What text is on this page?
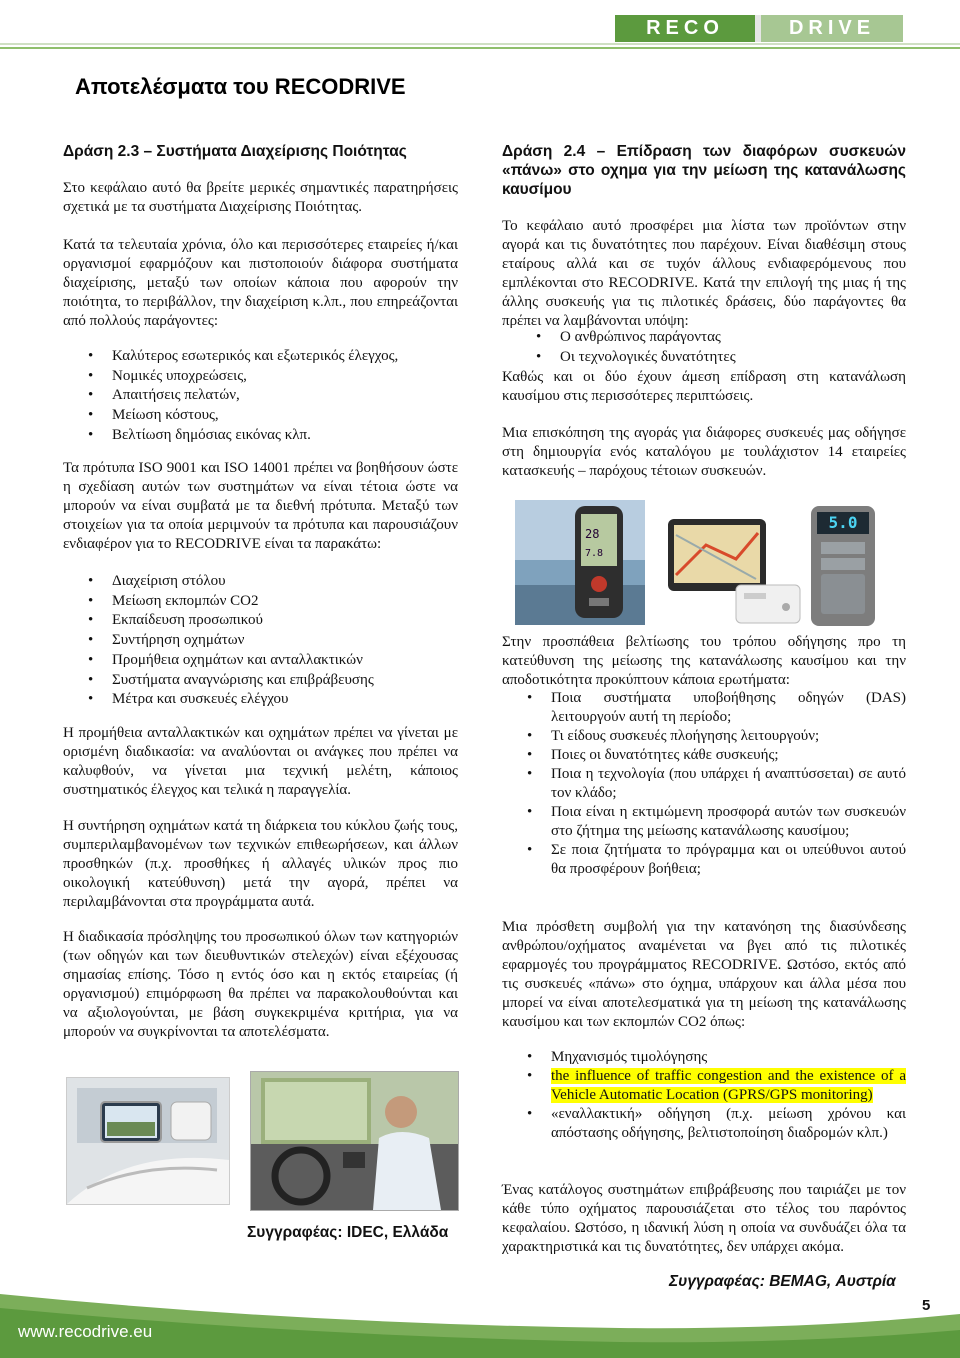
RECO	DRIVE
Αποτελέσματα του RECODRIVE
Δράση 2.3 – Συστήματα Διαχείρισης Ποιότητας
Στο κεφάλαιο αυτό θα βρείτε μερικές σημαντικές παρατηρήσεις σχετικά με τα συστήματα Διαχείρισης Ποιότητας.
Κατά τα τελευταία χρόνια, όλο και περισσότερες εταιρείες ή/και οργανισμοί εφαρμόζουν και πιστοποιούν διάφορα συστήματα διαχείρισης, μεταξύ των οποίων κάποια που αφορούν την ποιότητα, το περιβάλλον, την διαχείριση κ.λπ., που επηρεάζονται από πολλούς παράγοντες:
• Καλύτερος εσωτερικός και εξωτερικός έλεγχος,
• Νομικές υποχρεώσεις,
• Απαιτήσεις πελατών,
• Μείωση κόστους,
• Βελτίωση δημόσιας εικόνας κλπ.
Τα πρότυπα ISO 9001 και ISO 14001 πρέπει να βοηθήσουν ώστε η σχεδίαση αυτών των συστημάτων να είναι τέτοια ώστε να μπορούν να είναι συμβατά με τα διεθνή πρότυπα. Μεταξύ των στοιχείων για τα οποία μεριμνούν τα πρότυπα και παρουσιάζουν ενδιαφέρον για το RECODRIVE είναι τα παρακάτω:
• Διαχείριση στόλου
• Μείωση εκπομπών CO2
• Εκπαίδευση προσωπικού
• Συντήρηση οχημάτων
• Προμήθεια οχημάτων και ανταλλακτικών
• Συστήματα αναγνώρισης και επιβράβευσης
• Μέτρα και συσκευές ελέγχου
Η προμήθεια ανταλλακτικών και οχημάτων πρέπει να γίνεται με ορισμένη διαδικασία: να αναλύονται οι ανάγκες που πρέπει να καλυφθούν, να γίνεται μια τεχνική μελέτη, κάποιος συστηματικός έλεγχος και τελικά η παραγγελία.
Η συντήρηση οχημάτων κατά τη διάρκεια του κύκλου ζωής τους, συμπεριλαμβανομένων των τεχνικών επιθεωρήσεων, και άλλων προσθηκών (π.χ. προσθήκες ή αλλαγές υλικών προς πιο οικολογική κατεύθυνση) μετά την αγορά, πρέπει να περιλαμβάνονται στα προγράμματα αυτά.
Η διαδικασία πρόσληψης του προσωπικού όλων των κατηγοριών (των οδηγών και των διευθυντικών στελεχών) είναι εξέχουσας σημασίας επίσης. Τόσο η εντός όσο και η εκτός εταιρείας (ή οργανισμού) επιμόρφωση θα πρέπει να παρακολουθούνται και να αξιολογούνται, με βάση συγκεκριμένα κριτήρια, για να μπορούν να συγκρίνονται τα αποτελέσματα.
Συγγραφέας: IDEC, Ελλάδα
Δράση 2.4 – Επίδραση των διαφόρων συσκευών «πάνω» στο οχημα για την μείωση της κατανάλωσης καυσίμου
Το κεφάλαιο αυτό προσφέρει μια λίστα των προϊόντων στην αγορά και τις δυνατότητες που παρέχουν. Είναι διαθέσιμη στους εταίρους αλλά και σε τυχόν άλλους ενδιαφερόμενους που εμπλέκονται στο RECODRIVE. Κατά την επιλογή της μιας ή της άλλης συσκευής για τις πιλοτικές δράσεις, δύο παράγοντες θα πρέπει να λαμβάνονται υπόψη:
• Ο ανθρώπινος παράγοντας
• Οι τεχνολογικές δυνατότητες
Καθώς και οι δύο έχουν άμεση επίδραση στη κατανάλωση καυσίμου στις περισσότερες περιπτώσεις.
Μια επισκόπηση της αγοράς για διάφορες συσκευές μας οδήγησε στη δημιουργία ενός καταλόγου με τουλάχιστον 14 εταιρείες κατασκευής – παρόχους τέτοιων συσκευών.
28
7.8
5.0
Στην προσπάθεια βελτίωσης του τρόπου οδήγησης προ τη κατεύθυνση της μείωσης της κατανάλωσης καυσίμου και την αποδοτικότητα προκύπτουν κάποια ερωτήματα:
• Ποια συστήματα υποβοήθησης οδηγών (DAS) λειτουργούν αυτή τη περίοδο;
• Τι είδους συσκευές πλοήγησης λειτουργούν;
• Ποιες οι δυνατότητες κάθε συσκευής;
• Ποια η τεχνολογία (που υπάρχει ή αναπτύσσεται) σε αυτό τον κλάδο;
• Ποια είναι η εκτιμώμενη προσφορά αυτών των συσκευών στο ζήτημα της μείωσης κατανάλωσης καυσίμου;
• Σε ποια ζητήματα το πρόγραμμα και οι υπεύθυνοι αυτού θα προσφέρουν βοήθεια;
Μια πρόσθετη συμβολή για την κατανόηση της διασύνδεσης ανθρώπου/οχήματος αναμένεται να βγει από τις πιλοτικές εφαρμογές του προγράμματος RECODRIVE. Ωστόσο, εκτός από τις συσκευές «πάνω» στο όχημα, υπάρχουν και άλλα μέσα που μπορεί να είναι αποτελεσματικά για τη μείωση της κατανάλωσης καυσίμου και των εκπομπών CO2 όπως:
• Μηχανισμός τιμολόγησης
• the influence of traffic congestion and the existence of a Vehicle Automatic Location (GPRS/GPS monitoring)
• «εναλλακτική» οδήγηση (π.χ. μείωση χρόνου και απόστασης οδήγησης, βελτιστοποίηση διαδρομών κλπ.)
Ένας κατάλογος συστημάτων επιβράβευσης που ταιριάζει με τον κάθε τύπο οχήματος παρουσιάζεται στο τέλος του παρόντος κεφαλαίου. Ωστόσο, η ιδανική λύση η οποία να συνδυάζει όλα τα χαρακτηριστικά και τις δυνατότητες, δεν υπάρχει ακόμα.
Συγγραφέας: BEMAG, Αυστρία
www.recodrive.eu
5
